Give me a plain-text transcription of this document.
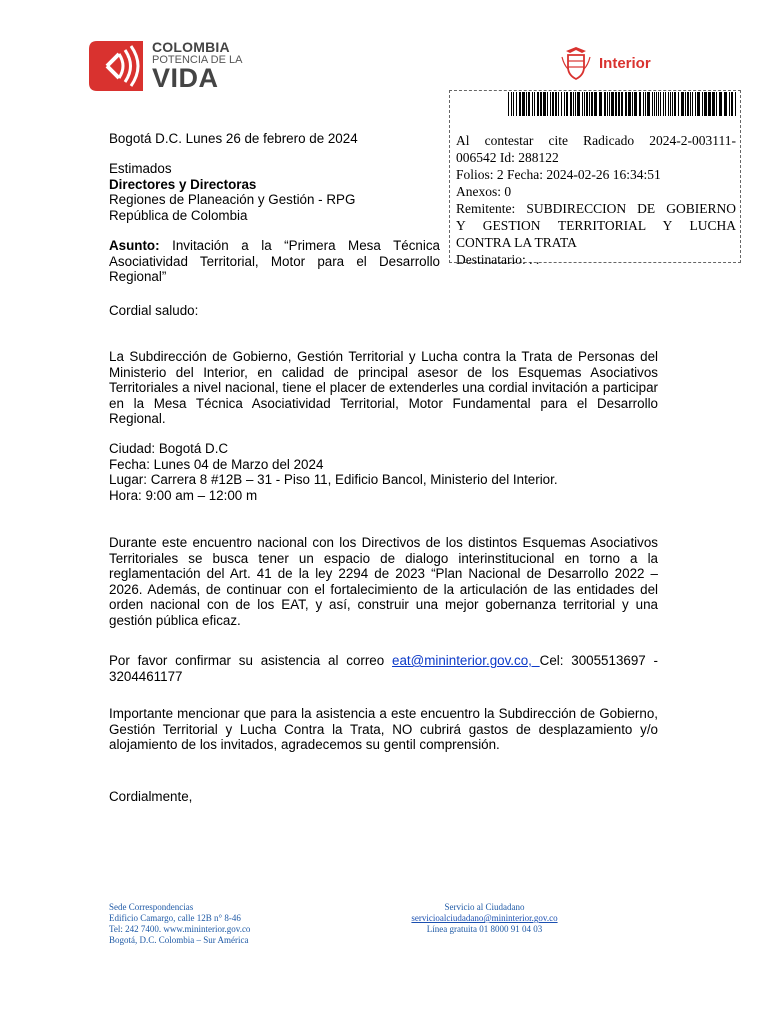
COLOMBIA
POTENCIA DE LA
VIDA	Interior
Al contestar cite Radicado 2024-2-003111-
006542 Id: 288122
Folios: 2 Fecha: 2024-02-26 16:34:51
Anexos: 0
Remitente: SUBDIRECCION DE GOBIERNO
Y GESTION TERRITORIAL Y LUCHA
CONTRA LA TRATA
Destinatario: . .
Bogotá D.C. Lunes 26 de febrero de 2024
Estimados
Directores y Directoras
Regiones de Planeación y Gestión - RPG
República de Colombia
Asunto: Invitación a la “Primera Mesa Técnica Asociatividad Territorial, Motor para el Desarrollo Regional”
Cordial saludo:
La Subdirección de Gobierno, Gestión Territorial y Lucha contra la Trata de Personas del Ministerio del Interior, en calidad de principal asesor de los Esquemas Asociativos Territoriales a nivel nacional, tiene el placer de extenderles una cordial invitación a participar en la Mesa Técnica Asociatividad Territorial, Motor Fundamental para el Desarrollo Regional.
Ciudad: Bogotá D.C
Fecha: Lunes 04 de Marzo del 2024
Lugar: Carrera 8 #12B – 31 - Piso 11, Edificio Bancol, Ministerio del Interior.
Hora: 9:00 am – 12:00 m
Durante este encuentro nacional con los Directivos de los distintos Esquemas Asociativos Territoriales se busca tener un espacio de dialogo interinstitucional en torno a la reglamentación del Art. 41 de la ley 2294 de 2023 “Plan Nacional de Desarrollo 2022 – 2026. Además, de continuar con el fortalecimiento de la articulación de las entidades del orden nacional con de los EAT, y así, construir una mejor gobernanza territorial y una gestión pública eficaz.
Por favor confirmar su asistencia al correo eat@mininterior.gov.co, Cel: 3005513697 - 3204461177
Importante mencionar que para la asistencia a este encuentro la Subdirección de Gobierno, Gestión Territorial y Lucha Contra la Trata, NO cubrirá gastos de desplazamiento y/o alojamiento de los invitados, agradecemos su gentil comprensión.
Cordialmente,
Sede Correspondencias
Edificio Camargo, calle 12B n° 8-46
Tel: 242 7400. www.mininterior.gov.co
Bogotá, D.C. Colombia – Sur América
Servicio al Ciudadano
servicioalciudadano@mininterior.gov.co
Línea gratuita 01 8000 91 04 03
